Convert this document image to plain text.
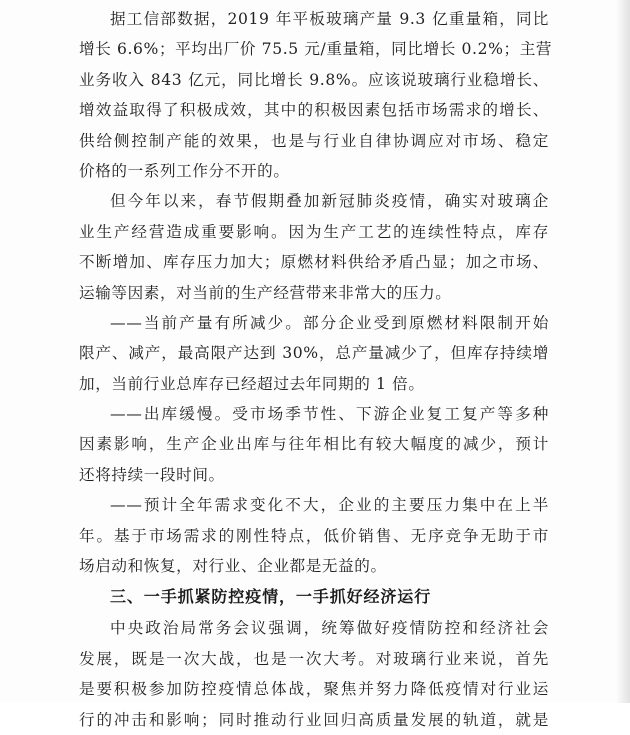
据工信部数据，2019 年平板玻璃产量 9.3 亿重量箱，同比
增长 6.6%；平均出厂价 75.5 元/重量箱，同比增长 0.2%；主营
业务收入 843 亿元，同比增长 9.8%。应该说玻璃行业稳增长、
增效益取得了积极成效，其中的积极因素包括市场需求的增长、
供给侧控制产能的效果，也是与行业自律协调应对市场、稳定
价格的一系列工作分不开的。
但今年以来，春节假期叠加新冠肺炎疫情，确实对玻璃企
业生产经营造成重要影响。因为生产工艺的连续性特点，库存
不断增加、库存压力加大；原燃材料供给矛盾凸显；加之市场、
运输等因素，对当前的生产经营带来非常大的压力。
——当前产量有所减少。部分企业受到原燃材料限制开始
限产、减产，最高限产达到 30%，总产量减少了，但库存持续增
加，当前行业总库存已经超过去年同期的 1 倍。
——出库缓慢。受市场季节性、下游企业复工复产等多种
因素影响，生产企业出库与往年相比有较大幅度的减少，预计
还将持续一段时间。
——预计全年需求变化不大，企业的主要压力集中在上半
年。基于市场需求的刚性特点，低价销售、无序竞争无助于市
场启动和恢复，对行业、企业都是无益的。
三、一手抓紧防控疫情，一手抓好经济运行
中央政治局常务会议强调，统筹做好疫情防控和经济社会
发展，既是一次大战，也是一次大考。对玻璃行业来说，首先
是要积极参加防控疫情总体战，聚焦并努力降低疫情对行业运
行的冲击和影响；同时推动行业回归高质量发展的轨道，就是
